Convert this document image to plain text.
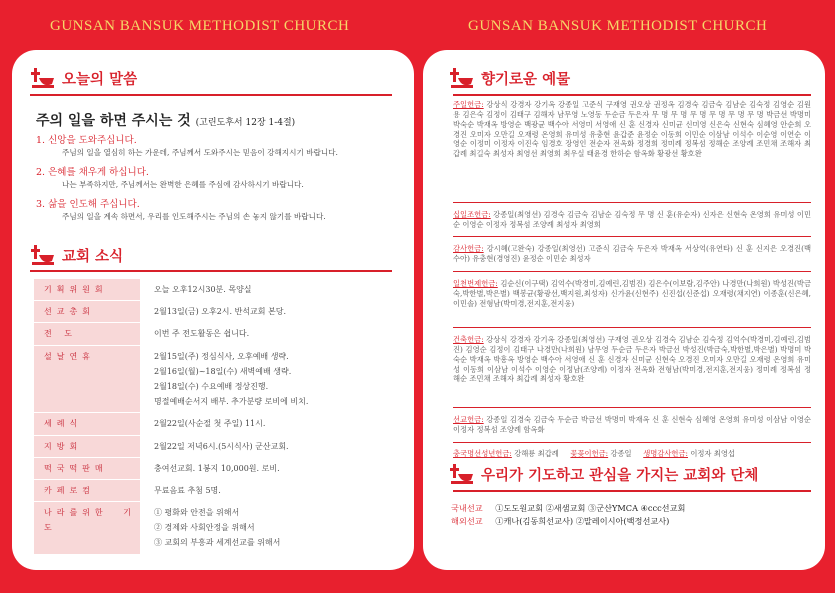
GUNSAN BANSUK METHODIST CHURCH	GUNSAN BANSUK METHODIST CHURCH
오늘의 말씀
주의 일을 하면 주시는 것 (고린도후서 12장 1-4절)
1. 신앙을 도와주십니다.
주님의 일을 열심히 하는 가운데, 주님께서 도와주시는 믿음이 강해지시기 바랍니다.
2. 은혜를 채우게 하십니다.
나는 부족하지만, 주님께서는 완벽한 은혜를 주심에 감사하시기 바랍니다.
3. 삶을 인도해 주십니다.
주님의 일을 계속 하면서, 우리를 인도해주시는 주님의 손 놓지 않기를 바랍니다.
교회 소식
기획위원회	오늘 오후12시30분. 목양실

선교총회	2월13일(금) 오후2시. 반석교회 본당.

전 도	이번 주 전도활동은 쉽니다.

설날연휴	2월15일(주) 정심식사, 오후예배 생략.
2월16일(월)~18일(수) 새벽예배 생략.
2월18일(수) 수요예배 정상진행.
명절예배순서지 배부. 추가분량 로비에 비치.

세례식	2월22일(사순절 첫 주일) 11시.

지방회	2월22일 저녁6시.(5시식사) 군산교회.

떡국떡판매	충여선교회. 1봉지 10,000원. 로비.

카페로컴	무료음료 추첨 5명.

나라를위한 기도	① 평화와 안전을 위해서
② 경제와 사회안정을 위해서
③ 교회의 부흥과 세계선교를 위해서
향기로운 예물
주일헌금: 강상식 강경자 강기옥 강종일 고준식 구재영 권오상 권정옥 김경숙 김금숙 김남순 김숙정 김영순 김원용 김은숙 김정이 김태구 김해자 남무영 노영동 두순금 두은자 무 명 무 명 무 명 무 명 무 명 무 명 박금선 박명미 박숙순 박재옥 방영순 백광균 백수아 서영미 서영애 신 훈 신경자 신미균 신미영 신은숙 신현숙 심혜영 안순희 오경진 오미자 오만길 오재령 온영희 유미성 유충현 윤갑준 윤정순 이동희 이민순 이삼남 이석수 이순영 이연순 이영순 이정미 이정자 이진숙 임경호 장영인 전순자 전옥화 정경희 정미례 정복섬 정해순 조양례 조민채 조해자 최갑례 최길숙 최성자 최영선 최영희 최우실 태윤경 한하순 함옥화 황광선 황호완
십일조헌금: 강종일(최영선) 김경숙 김금숙 김남순 김숙정 무 명 신 훈(유순자) 신자은 신현숙 온영희 유미성 이민순 이영순 이정자 정복섬 조양례 최성자 최영희
감사헌금: 강시혜(고완숙) 강종일(최영선) 고준식 김금숙 두은자 박재옥 서상억(유연타) 신 훈 신지은 오경진(백수아) 유충현(경영진) 윤정순 이민순 최성자
일천번제헌금: 김순신(이구택) 김억수(박경미,김예린,김범진) 김은수(이보람,김주안) 나경만(나희원) 박성진(박금숙,박한별,박은별) 백봉균(황광선,백지원,최성자) 신가윤(신현주) 신진섭(신준섭) 오재령(채지연) 이종훈(신은혜,이민솔) 전형남(박미경,전지훈,전지웅)
건축헌금: 강상식 강경자 강기옥 강종일(최영선) 구재영 권오상 김경숙 김남순 김숙정 김억수(박경미,김예린,김범진) 김영순 김정이 김태구 나경만(나희원) 남무영 두순금 두은자 박금선 박성진(박금숙,박한별,박은별) 박명미 박숙순 박재옥 박흥옥 방영순 백수아 서영애 신 훈 신경자 신미균 신현숙 오경진 오미자 오만길 오재령 온영희 유미성 이동희 이삼남 이석수 이영순 이정남(조양례) 이정자 전옥화 전형남(박미경,전지훈,전지웅) 정미례 정복섬 정해순 조민채 조해자 최갑례 최성자 황호완
선교헌금: 강종일 김경숙 김금숙 두순금 박금선 박명미 박재옥 신 훈 신현숙 심혜영 온영희 유미성 이삼남 이영순 이정자 정복섬 조양례 함옥화
충국명선성년헌금: 강해룡 최갑례 꽃꽂이헌금: 강종일 생명감사헌금: 이정자 최영섭
우리가 기도하고 관심을 가지는 교회와 단체
국내선교 ①도도원교회 ②새샘교회 ③군산YMCA ④ccc선교회
해외선교 ①캐나(김동희선교사) ②말레이시아(백정선교사)
